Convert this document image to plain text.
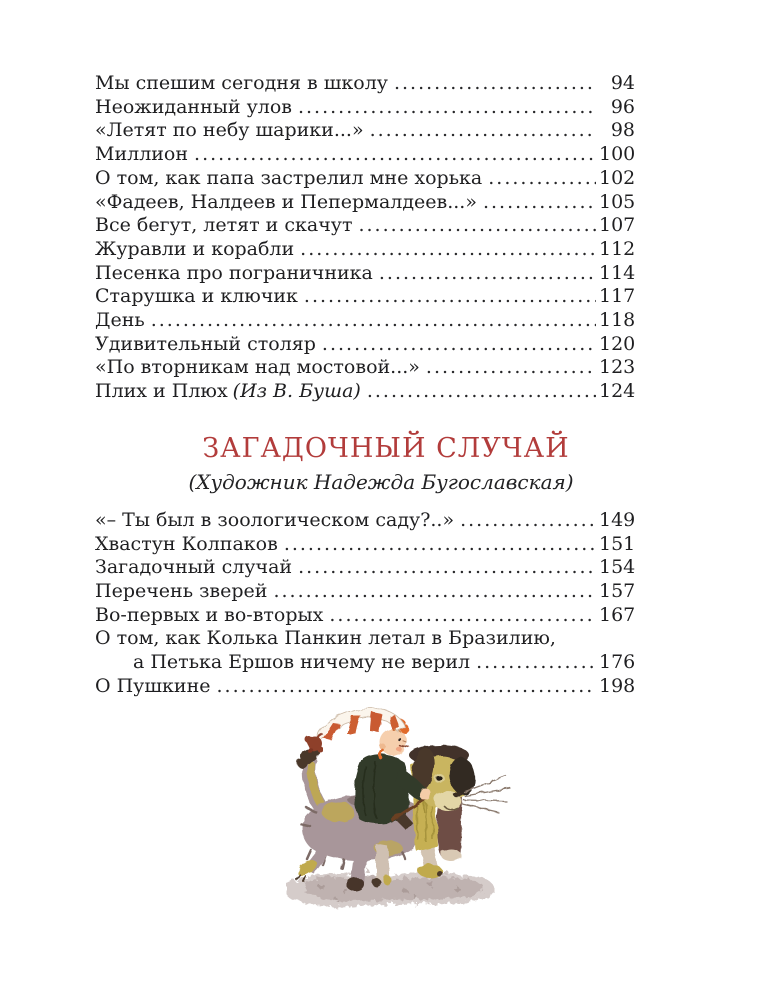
Мы спешим сегодня в школу .....	94
Неожиданный улов .....	96
«Летят по небу шарики...» .....	98
Миллион .....	100
О том, как папа застрелил мне хорька .....	102
«Фадеев, Налдеев и Пепермалдеев...» .....	105
Все бегут, летят и скачут .....	107
Журавли и корабли .....	112
Песенка про пограничника .....	114
Старушка и ключик .....	117
День .....	118
Удивительный столяр .....	120
«По вторникам над мостовой...» .....	123
Плих и Плюх (Из В. Буша) .....	124
ЗАГАДОЧНЫЙ СЛУЧАЙ
(Художник Надежда Бугославская)
«– Ты был в зоологическом саду?..» .....	149
Хвастун Колпаков .....	151
Загадочный случай .....	154
Перечень зверей .....	157
Во-первых и во-вторых .....	167
О том, как Колька Панкин летал в Бразилию,
а Петька Ершов ничему не верил .....	176
О Пушкине .....	198
